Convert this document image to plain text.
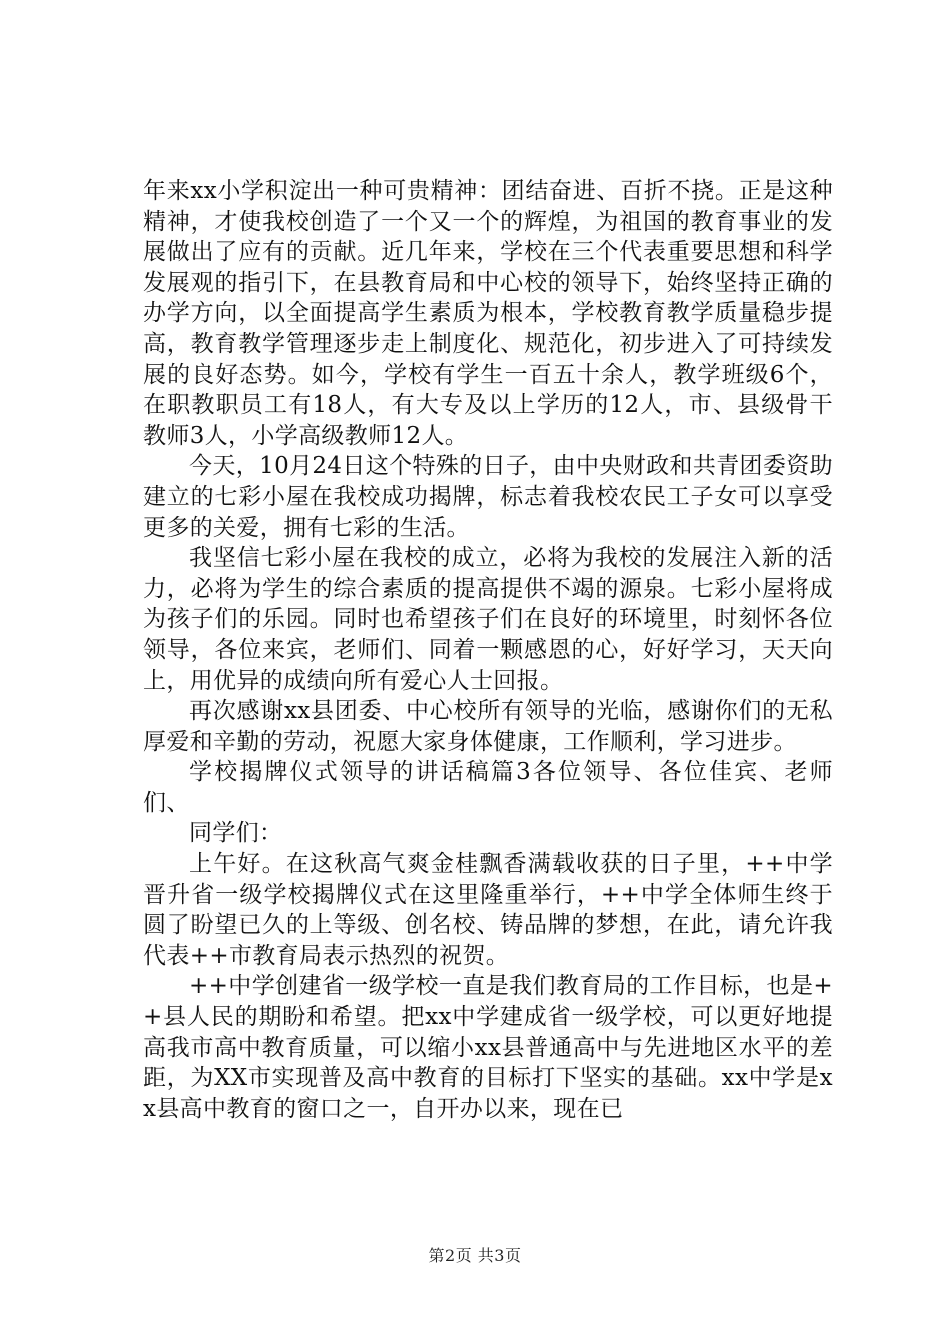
年来xx小学积淀出一种可贵精神：团结奋进、百折不挠。正是这种精神，才使我校创造了一个又一个的辉煌，为祖国的教育事业的发展做出了应有的贡献。近几年来，学校在三个代表重要思想和科学发展观的指引下，在县教育局和中心校的领导下，始终坚持正确的办学方向，以全面提高学生素质为根本，学校教育教学质量稳步提高，教育教学管理逐步走上制度化、规范化，初步进入了可持续发展的良好态势。如今，学校有学生一百五十余人，教学班级6个，在职教职员工有18人，有大专及以上学历的12人，市、县级骨干教师3人，小学高级教师12人。

今天，10月24日这个特殊的日子，由中央财政和共青团委资助建立的七彩小屋在我校成功揭牌，标志着我校农民工子女可以享受更多的关爱，拥有七彩的生活。

我坚信七彩小屋在我校的成立，必将为我校的发展注入新的活力，必将为学生的综合素质的提高提供不竭的源泉。七彩小屋将成为孩子们的乐园。同时也希望孩子们在良好的环境里，时刻怀各位领导，各位来宾，老师们、同着一颗感恩的心，好好学习，天天向上，用优异的成绩向所有爱心人士回报。

再次感谢xx县团委、中心校所有领导的光临，感谢你们的无私厚爱和辛勤的劳动，祝愿大家身体健康，工作顺利，学习进步。

学校揭牌仪式领导的讲话稿篇3各位领导、各位佳宾、老师们、

同学们：

上午好。在这秋高气爽金桂飘香满载收获的日子里，++中学晋升省一级学校揭牌仪式在这里隆重举行，++中学全体师生终于圆了盼望已久的上等级、创名校、铸品牌的梦想，在此，请允许我代表++市教育局表示热烈的祝贺。

++中学创建省一级学校一直是我们教育局的工作目标，也是++县人民的期盼和希望。把xx中学建成省一级学校，可以更好地提高我市高中教育质量，可以缩小xx县普通高中与先进地区水平的差距，为XX市实现普及高中教育的目标打下坚实的基础。xx中学是xx县高中教育的窗口之一，自开办以来，现在已

第2页 共3页
